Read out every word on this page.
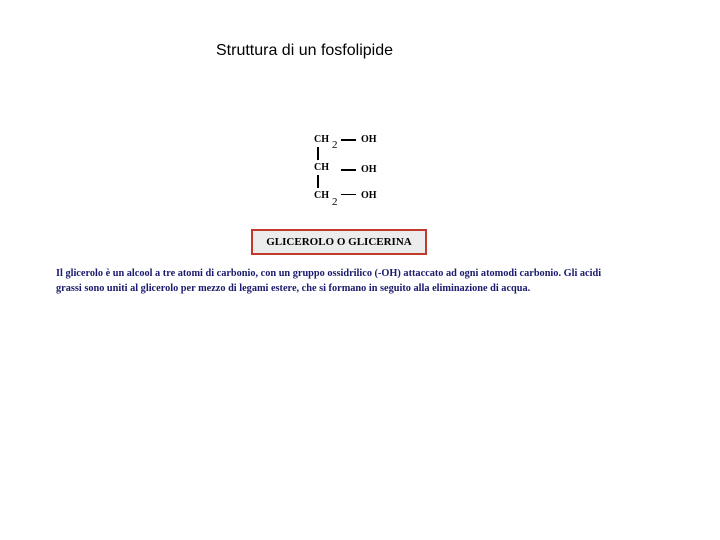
Struttura di un fosfolipide
CH 2 OH
CH	OH
CH
2
OH
GLICEROLO O GLICERINA
Il glicerolo è un alcool a tre atomi di carbonio, con un gruppo ossidrilico (-OH) attaccato ad ogni atomodi carbonio. Gli acidi
grassi sono uniti al glicerolo per mezzo di legami estere, che si formano in seguito alla eliminazione di acqua.
